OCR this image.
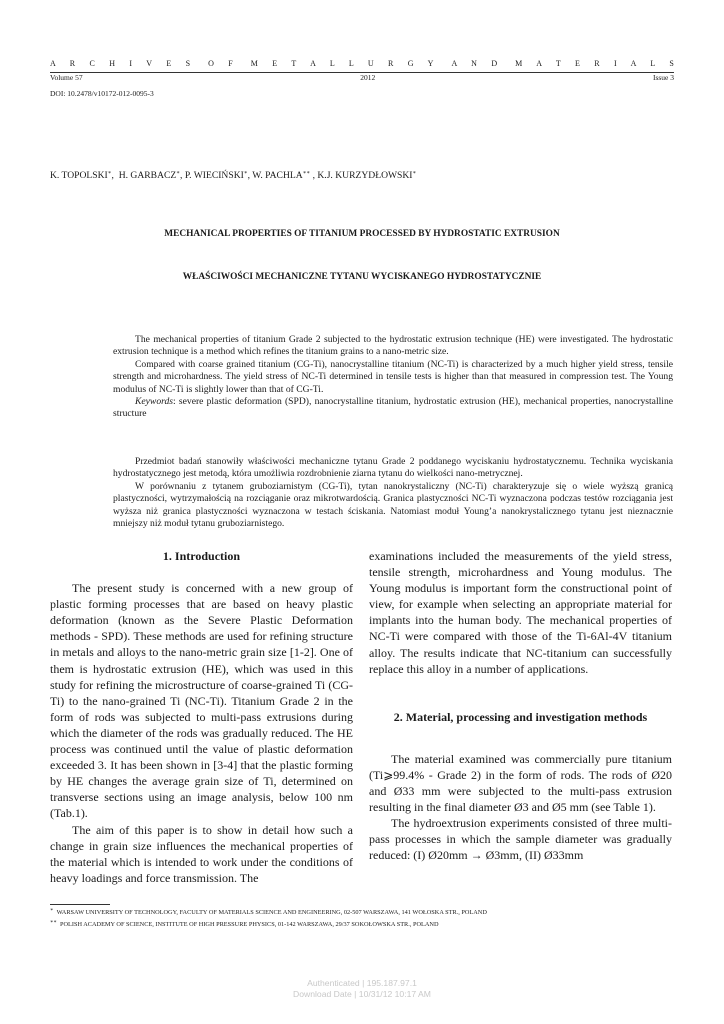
A R C H I V E S O F M E T A L L U R G Y A N D M A T E R I A L S
Volume 57	2012	Issue 3
DOI: 10.2478/v10172-012-0095-3
K. TOPOLSKI∗,  H. GARBACZ∗, P. WIECIŃSKI∗, W. PACHLA∗∗ , K.J. KURZYDŁOWSKI∗
MECHANICAL PROPERTIES OF TITANIUM PROCESSED BY HYDROSTATIC EXTRUSION
WŁAŚCIWOŚCI MECHANICZNE TYTANU WYCISKANEGO HYDROSTATYCZNIE

The mechanical properties of titanium Grade 2 subjected to the hydrostatic extrusion technique (HE) were investigated. The hydrostatic extrusion technique is a method which refines the titanium grains to a nano-metric size.

Compared with coarse grained titanium (CG-Ti), nanocrystalline titanium (NC-Ti) is characterized by a much higher yield stress, tensile strength and microhardness. The yield stress of NC-Ti determined in tensile tests is higher than that measured in compression test. The Young modulus of NC-Ti is slightly lower than that of CG-Ti.

Keywords: severe plastic deformation (SPD), nanocrystalline titanium, hydrostatic extrusion (HE), mechanical properties, nanocrystalline structure

Przedmiot badań stanowiły właściwości mechaniczne tytanu Grade 2 poddanego wyciskaniu hydrostatycznemu. Technika wyciskania hydrostatycznego jest metodą, która umożliwia rozdrobnienie ziarna tytanu do wielkości nano-metrycznej.

W porównaniu z tytanem gruboziarnistym (CG-Ti), tytan nanokrystaliczny (NC-Ti) charakteryzuje się o wiele wyższą granicą plastyczności, wytrzymałością na rozciąganie oraz mikrotwardością. Granica plastyczności NC-Ti wyznaczona podczas testów rozciągania jest wyższa niż granica plastyczności wyznaczona w testach ściskania. Natomiast moduł Young’a nanokrystalicznego tytanu jest nieznacznie mniejszy niż moduł tytanu gruboziarnistego.

1. Introduction

The present study is concerned with a new group of plastic forming processes that are based on heavy plastic deformation (known as the Severe Plastic Deformation methods - SPD). These methods are used for refining structure in metals and alloys to the nano-metric grain size [1-2]. One of them is hydrostatic extrusion (HE), which was used in this study for refining the microstructure of coarse-grained Ti (CG-Ti) to the nano-grained Ti (NC-Ti). Titanium Grade 2 in the form of rods was subjected to multi-pass extrusions during which the diameter of the rods was gradually reduced. The HE process was continued until the value of plastic deformation exceeded 3. It has been shown in [3-4] that the plastic forming by HE changes the average grain size of Ti, determined on transverse sections using an image analysis, below 100 nm (Tab.1).

The aim of this paper is to show in detail how such a change in grain size influences the mechanical properties of the material which is intended to work under the conditions of heavy loadings and force transmission. The

examinations included the measurements of the yield stress, tensile strength, microhardness and Young modulus. The Young modulus is important form the constructional point of view, for example when selecting an appropriate material for implants into the human body. The mechanical properties of NC-Ti were compared with those of the Ti-6Al-4V titanium alloy. The results indicate that NC-titanium can successfully replace this alloy in a number of applications.

2. Material, processing and investigation methods

The material examined was commercially pure titanium (Ti⩾99.4% - Grade 2) in the form of rods. The rods of Ø20 and Ø33 mm were subjected to the multi-pass extrusion resulting in the final diameter Ø3 and Ø5 mm (see Table 1).

The hydroextrusion experiments consisted of three multi-pass processes in which the sample diameter was gradually reduced: (I) Ø20mm → Ø3mm, (II) Ø33mm

∗ WARSAW UNIVERSITY OF TECHNOLOGY, FACULTY OF MATERIALS SCIENCE AND ENGINEERING, 02-507 WARSZAWA, 141 WOŁOSKA STR., POLAND
∗∗ POLISH ACADEMY OF SCIENCE, INSTITUTE OF HIGH PRESSURE PHYSICS, 01-142 WARSZAWA, 29/37 SOKOŁOWSKA STR., POLAND
Authenticated | 195.187.97.1
Download Date | 10/31/12 10:17 AM
